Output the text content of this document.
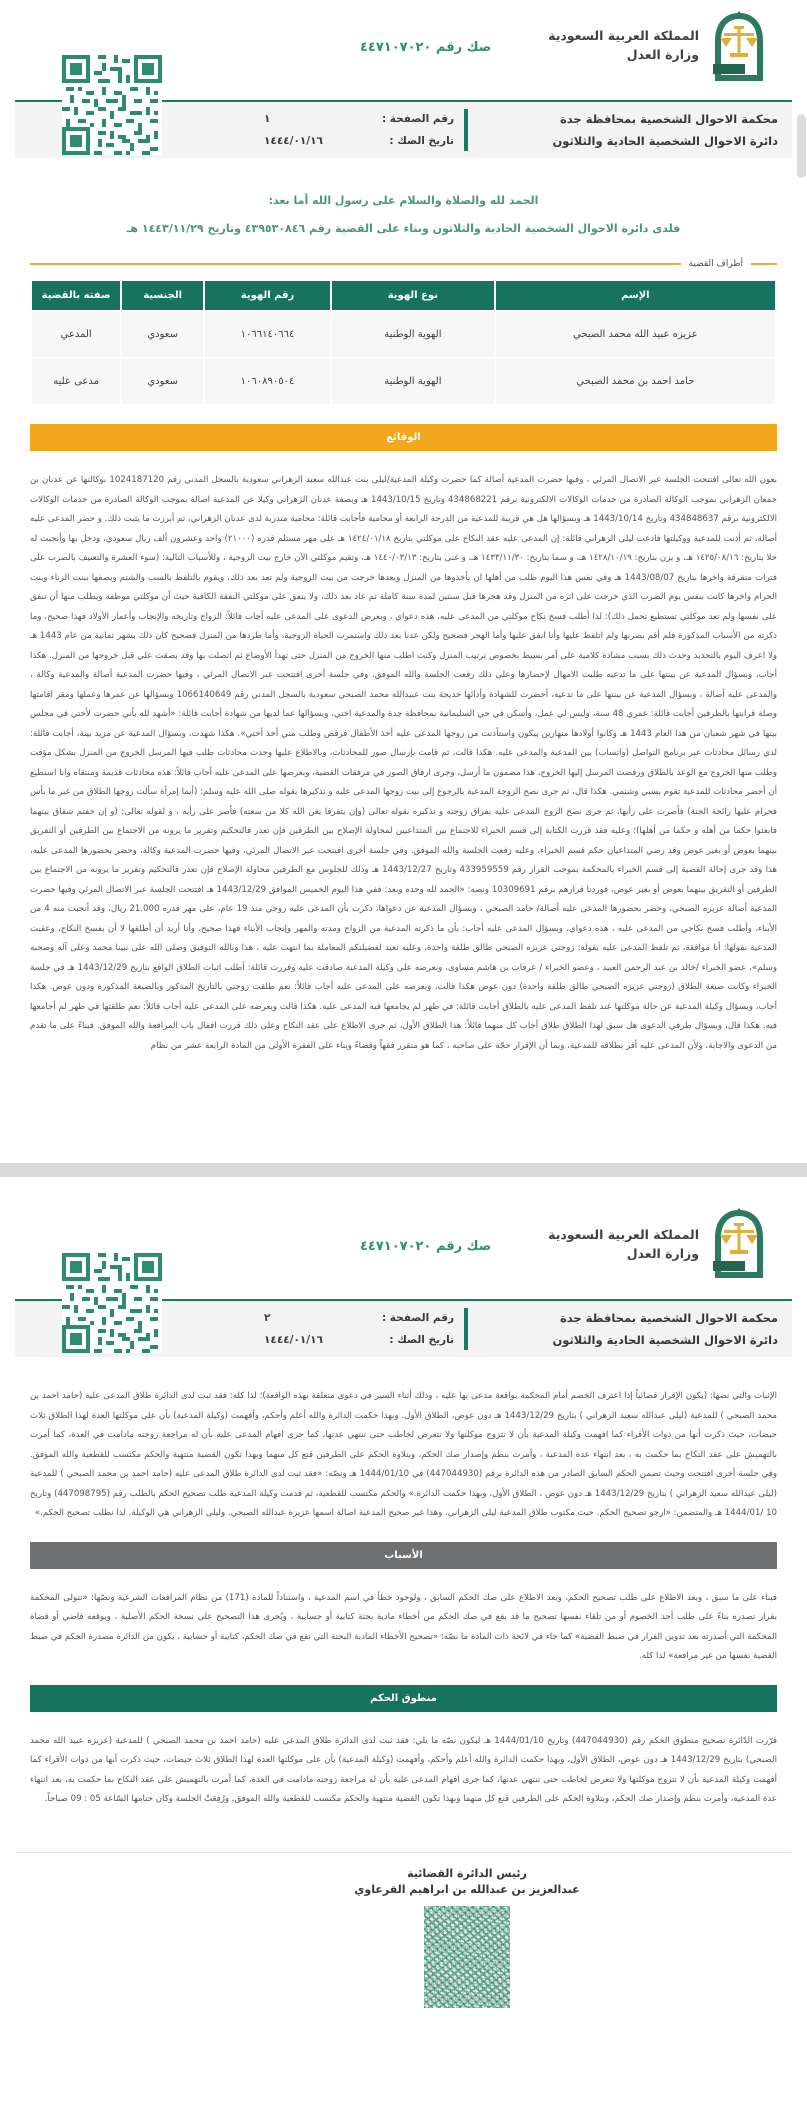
المملكة العربية السعودية
وزارة العدل
صك رقم ٤٤٧١٠٧٠٢٠
محكمة الاحوال الشخصية بمحافظة جدة
دائرة الاحوال الشخصية الحادية والثلاثون
رقم الصفحة :
١
تاريخ الصك :
١٤٤٤/٠١/١٦
الحمد لله والصلاة والسلام على رسول الله أما بعد:
فلدى دائرة الاحوال الشخصية الحادية والثلاثون وبناء على القضية رقم ٤٣٩٥٣٠٨٤٦ وتاريخ ١٤٤٣/١١/٢٩ هـ
أطراف القضية
الإسم	نوع الهوية	رقم الهوية	الجنسية	صفته بالقضية
عزيزه عبيد الله محمد الصبحي	الهوية الوطنية	١٠٦٦١٤٠٦٦٤	سعودي	المدعي
حامد احمد بن محمد الصبحي	الهوية الوطنية	١٠٦٠٨٩٠٥٠٤	سعودي	مدعى عليه
الوقائع
بعون الله تعالى افتتحت الجلسة عبر الاتصال المرئي ، وفيها حضرت المدعية أصالة كما حضرت وكيلة المدعية/ليلى بنت عبدالله سعيد الزهراني سعودية بالسجل المدني رقم 1024187120 بوكالتها عن عدنان بن جمعان الزهراني بموجب الوكالة الصادرة من خدمات الوكالات الالكترونية برقم 434868221 وتاريخ 1443/10/15 هـ وبصفة عدنان الزهراني وكيلا عن المدعية اصالة بموجب الوكالة الصادرة من خدمات الوكالات الالكترونية برقم 434848637 وتاريخ 1443/10/14 هـ وبسؤالها هل هي قريبة للمدعية من الدرجة الرابعة أو محامية فأجابت قائلة: محامية متدربة لدى عدنان الزهراني، ثم أبرزت ما يثبت ذلك. و حضر المدعى عليه أصالة، ثم أذنت للمدعية ووكيلتها فادعت ليلى الزهراني قائلة: إن المدعى عليه عقد النكاح على موكلتي بتاريخ ١٤٢٤/٠١/١٨ هـ على مهر مستلم قدره (٢١٠٠٠) واحد وعشرون ألف ريال سعودي، ودخل بها وأنجبت له حلا بتاريخ: ١٤٢٥/٠٨/١٦ هـ، و يزن بتاريخ: ١٤٢٨/١٠/١٩ هـ، و سما بتاريخ: ١٤٣٣/١١/٣٠ هـ، و غنى بتاريخ: ١٤٤٠/٠٣/١٣ هـ، وتقيم موكلتي الآن خارج بيت الزوجية ، وللأسباب التالية: (سوء العشرة والتعنيف بالضرب على فترات متفرقة واخرها بتاريخ 1443/08/07 هـ وفي نفس هذا اليوم طلب من أهلها ان يأخذوها من المنزل وبعدها خرجت من بيت الزوجية ولم تعد بعد ذلك، ويقوم بالتلفظ بالسب والشتم ويصفها ببنت الزناء وبنت الحرام واخرها كانت بنفس يوم الضرب الذي خرجت على اثره من المنزل وقد هجرها قبل سنتين لمدة سنة كاملة ثم عاد بعد ذلك، ولا ينفق على موكلتي النفقة الكافية حيث أن موكلتي موظفه ويطلب منها أن تنفق على نفسها ولم تعد موكلتي تستطيع تحمل ذلك): لذا أطلب فسخ نكاح موكلتي من المدعى عليه، هذه دعواي ، وبعرض الدعوى على المدعى عليه أجاب قائلاً: الزواج وتاريخه والإنجاب وأعمار الأولاد فهذا صحيح، وما ذكرته من الأسباب المذكورة فلم أقم بضربها ولم اتلفظ عليها وأنا انفق عليها وأما الهجر فصحيح ولكن عدنا بعد ذلك واستمرت الحياة الزوجية، وأما طردها من المنزل فصحيح كان ذلك بشهر ثمانية من عام 1443 هـ ولا اعرف اليوم بالتحديد وحدث ذلك بسبب مشادة كلامية على أمر بسيط بخصوص ترتيب المنزل وكنت اطلب منها الخروج من المنزل حتى تهدأ الأوضاع ثم اتصلت بها وقد بصقت علي قبل خروجها من المنزل. هكذا أجاب، وبسؤال المدعية عن بينتها على ما تدعيه طلبت الامهال لإحضارها وعلى ذلك رفعت الجلسة والله الموفق. وفي جلسة أخرى افتتحت عبر الاتصال المرئي ، وفيها حضرت المدعية أصالة والمدعية وكالة ، والمدعى عليه أصالة ، وبسؤال المدعية عن بينتها على ما تدعيه، أحضرت للشهادة وأدائها خديجة بنت عبيدالله محمد الصبحي سعودية بالسجل المدني رقم 1066140649 وبسؤالها عن عمرها وعملها ومقر اقامتها وصلة قرابتها بالطرفين أجابت قائلة: عمري 48 سنة، وليس لي عمل، وأسكن في حي السليمانية بمحافظة جدة والمدعية اختي، وبسؤالها عما لديها من شهادة أجابت قائلة: «أشهد لله بأني حضرت لأختي في مجلس بيتها في شهر شعبان من هذا العام 1443 هـ وكانوا أولادها منهارين يبكون واستأذنت من زوجها المدعى عليه أخذ الأطفال فرفض وطلب مني أخذ أختي». هكذا شهدت، وبسؤال المدعية عن مزيد بينة، أجابت قائلة: لدي رسائل محادثات عبر برنامج التواصل (واتساب) بين المدعية والمدعى عليه. هكذا قالت، ثم قامت بإرسال صور للمحادثات، وبالاطلاع عليها وجدت محادثات طلب فيها المرسل الخروج من المنزل بشكل مؤقت وطلب منها الخروج مع الوعد بالطلاق ورفضت المرسل إليها الخروج، هذا مضمون ما أرسل، وجرى ارفاق الصور في مرفقات القضية، وبعرضها على المدعى عليه أجاب قائلاً: هذه محادثات قديمة ومنتقاه وانا استطيع أن أحضر محادثات للمدعية تقوم بسبي وشتمي. هكذا قال، ثم جرى نصح الزوجة المدعية بالرجوع إلى بيت زوجها المدعى عليه و تذكيرها بقوله صلى الله عليه وسلم: (أيما إمرأة سألت زوجها الطلاق من غير ما بأس فحرام عليها رائحة الجنة) فأصرت على رأيها، ثم جرى نصح الزوج المدعى عليه بفراق زوجته و تذكيره بقوله تعالى (وإن يتفرقا يغن الله كلا من سعته) فأصر على رأيه ، و لقوله تعالى: (و إن خفتم شقاق بينهما فابعثوا حكما من أهله و حكما من أهلها)؛ وعليه فقد قررت الكتابة إلى قسم الخبراء للاجتماع بين المتداعيين لمحاولة الإصلاح بين الطرفين فإن تعذر فالتحكيم وتقرير ما يرونه من الاجتماع بين الطرفين أو التفريق بينهما بعوض أو بغير عوض وقد رضي المتداعيان حكم قسم الخبراء، وعليه رفعت الجلسة والله الموفق. وفي جلسة أخرى افتتحت عبر الاتصال المرئي، وفيها حضرت المدعية وكالة، وحضر بحضورها المدعى عليه، هذا وقد جرى إحالة القضية إلى قسم الخبراء بالمحكمة بموجب القرار رقم 433959559 وتاريخ 1443/12/27 هـ وذلك للجلوس مع الطرفين محاولة الإصلاح فإن تعذر فالتحكيم وتقرير ما يرونه من الاجتماع بين الطرفين أو التفريق بينهما بعوض أو بغير عوض، فوردنا قرارهم برقم 10309691 ونصه: «الحمد لله وحده وبعد: ففي هذا اليوم الخميس الموافق 1443/12/29 هـ افتتحت الجلسة عبر الاتصال المرئي وفيها حضرت المدعية أصالة عزيزه الصبحي، وحضر بحضورها المدعى عليه أصالة/ حامد الصبحي ، وبسؤال المدعية عن دعواها، ذكرت بأن المدعى عليه زوجي منذ 19 عام، على مهر قدره 21.000 ريال، وقد أنجبت منه 4 من الأبناء، وأطلب فسخ نكاحي من المدعى عليه ، هذه دعواي، وبسؤال المدعى عليه أجاب: بأن ما ذكرته المدعية من الزواج ومدته والمهر وإنجاب الأبناء فهذا صحيح، وأنا أريد أن أطلقها لا أن يفسخ النكاح، وعقبت المدعية بقولها: أنا موافقة، ثم تلفظ المدعى عليه بقوله: زوجتي عزيزه الصبحي طالق طلقة واحدة، وعليه نعيد لفضيلتكم المعاملة بما انتهت عليه ، هذا وبالله التوفيق وصلى الله على نبينا محمد وعلى آله وصحبه وسلم»، عضو الخبراء /خالد بن عبد الرحمن العبيد ، وعضو الخبراء / عرفات بن هاشم مساوى، وبعرضه على وكيلة المدعية صادقت عليه وقررت قائلة: أطلب اثبات الطلاق الواقع بتاريخ 1443/12/29 هـ في جلسة الخبراء وكانت صيغة الطلاق (زوجتي عزيزه الصبحي طالق طلقة واحدة) دون عوض هكذا قالت، وبعرضه على المدعى عليه أجاب قائلاً: نعم طلقت زوجتي بالتاريخ المذكور وبالصيغة المذكورة ودون عوض. هكذا أجاب، وبسؤال وكيلة المدعية عن حالة موكلتها عند تلفظ المدعى عليه بالطلاق أجابت قائلة: في طهر لم يجامعها فيه المدعى عليه. هكذا قالت وبعرضه على المدعى عليه أجاب قائلاً: نعم طلقتها في طهر لم أجامعها فيه. هكذا قال، وبسؤال طرفي الدعوى هل سبق لهذا الطلاق طلاق أجاب كل منهما قائلاً: هذا الطلاق الأول، ثم جرى الاطلاع على عقد النكاح وعلى ذلك قررت اقفال باب المرافعة والله الموفق. فبناءً على ما تقدم من الدعوى والاجابة، ولأن المدعى عليه أقر بطلاقه للمدعية، وبما أن الإقرار حجّة على صاحبه ، كما هو متقرر فقهاً وقضاءً وبناء على الفقرة الأولى من المادة الرابعة عشر من نظام
المملكة العربية السعودية
وزارة العدل
صك رقم ٤٤٧١٠٧٠٢٠
محكمة الاحوال الشخصية بمحافظة جدة
دائرة الاحوال الشخصية الحادية والثلاثون
رقم الصفحة :
٢
تاريخ الصك :
١٤٤٤/٠١/١٦
الإثبات والتي نصها: (يكون الإقرار قضائياً إذا اعترف الخصم أمام المحكمة بواقعة مدعى بها عليه ، وذلك أثناء السير في دعوى متعلقة بهذه الواقعة)؛ لذا كله: فقد ثبت لدى الدائرة طلاق المدعى عليه (حامد احمد بن محمد الصبحي ) للمدعية (ليلى عبدالله سعيد الزهراني ) بتاريخ 1443/12/29 هـ دون عوض، الطلاق الأول. وبهذا حكمت الدائرة والله أعلم وأحكم، وأفهمت (وكيلة المدعية) بأن على موكلتها العدة لهذا الطلاق ثلاث حيضات، حيث ذكرت أنها من ذوات الأقراء كما افهمت وكيلة المدعية بأن لا تتزوج موكلتها ولا تتعرض لخاطب حتى تنتهي عدتها، كما جرى افهام المدعى عليه بأن له مراجعة زوجته مادامت في العدة، كما أمرت بالتهميش على عقد النكاح بما حكمت به ، بعد انتهاء عدة المدعية ، وأمرت بنظم وإصدار صك الحكم، وبتلاوة الحكم على الطرفين قنع كل منهما وبهذا تكون القضية منتهية والحكم مكتسب للقطعية والله الموفق. وفي جلسة أخرى افتتحت وحيث تضمن الحكم السابق الصادر من هذه الدائرة برقم (447044930) في 1444/01/10 هـ ونصّه: «فقد ثبت لدى الدائرة طلاق المدعى عليه (حامد احمد بن محمد الصبحي ) للمدعية (ليلى عبدالله سعيد الزهراني ) بتاريخ 1443/12/29 هـ دون عوض ، الطلاق الأول، وبهذا حكمت الدائرة.» والحكم مكتسب للقطعية، ثم قدمت وكيلة المدعية طلب تصحيح الحكم بالطلب رقم (447098795) وتاريخ 10 /1444/01 هـ والمتضمن: «ارجو تصحيح الحكم. حيث مكتوب طلاق المدعية ليلى الزهراني. وهذا غير صحيح المدعية اصالة اسمها عزيزة عبدالله الصبحي. وليلى الزهراني هي الوكيلة. لذا نطلب تصحيح الحكم.»
الأسباب
فبناء على ما سبق ، وبعد الاطلاع على طلب تصحيح الحكم، وبعد الاطلاع على صك الحكم السابق ، ولوجود خطأ في اسم المدعية ، واستناداً للمادة (171) من نظام المرافعات الشرعية ونصّها: «تتولى المحكمة بقرار تصدره بناءً على طلب أحد الخصوم أو من تلقاء نفسها تصحيح ما قد يقع في صك الحكم من أخطاء مادية بحتة كتابية أو حسابية ، ويُجرى هذا التصحيح على نسخة الحكم الأصلية ، ويوقعه قاضي أو قضاة المحكمة التي أصدرته بعد تدوين القرار في ضبط القضية» كما جاء في لائحة ذات المادة ما نصّه: «تصحيح الأخطاء المادية البحتة التي تقع في صك الحكم، كتابية أو حسابية ، يكون من الدائرة مصدرة الحكم في ضبط القضية نفسها من غير مرافعة» لذا كله.
منطوق الحكم
قرّرت الدّائرة تصحيح منطوق الحكم رقم (447044930) وتاريخ 1444/01/10 هـ ليكون نصّه ما يلي: فقد ثبت لدى الدائرة طلاق المدعى عليه (حامد احمد بن محمد الصبحي ) للمدعية (عزيزه عبيد الله محمد الصبحي) بتاريخ 1443/12/29 هـ دون عوض، الطلاق الأول، وبهذا حكمت الدائرة والله أعلم وأحكم، وأفهمت (وكيلة المدعية) بأن على موكلتها العدة لهذا الطلاق ثلاث حيضات، حيث ذكرت أنها من ذوات الأقراء كما أفهمت وكيلة المدعية بأن لا تتزوج موكلتها ولا تتعرض لخاطب حتى تنتهي عدتها، كما جرى افهام المدعى عليه بأن له مراجعة زوجته مادامت في العدة، كما أمرت بالتهميش على عقد النكاح بما حكمت به، بعد انتهاء عدة المدعية، وأمرت بنظم وإصدار صك الحكم، وبتلاوة الحكم على الطرفين قنع كل منهما وبهذا تكون القضية منتهية والحكم مكتسب للقطعية والله الموفق. ورُفِعَتْ الجلسة وكان ختامها السّاعة 05 : 09 صباحاً.
رئيس الدائرة القضائية
عبدالعزيز بن عبدالله بن ابراهيم القرعاوي
